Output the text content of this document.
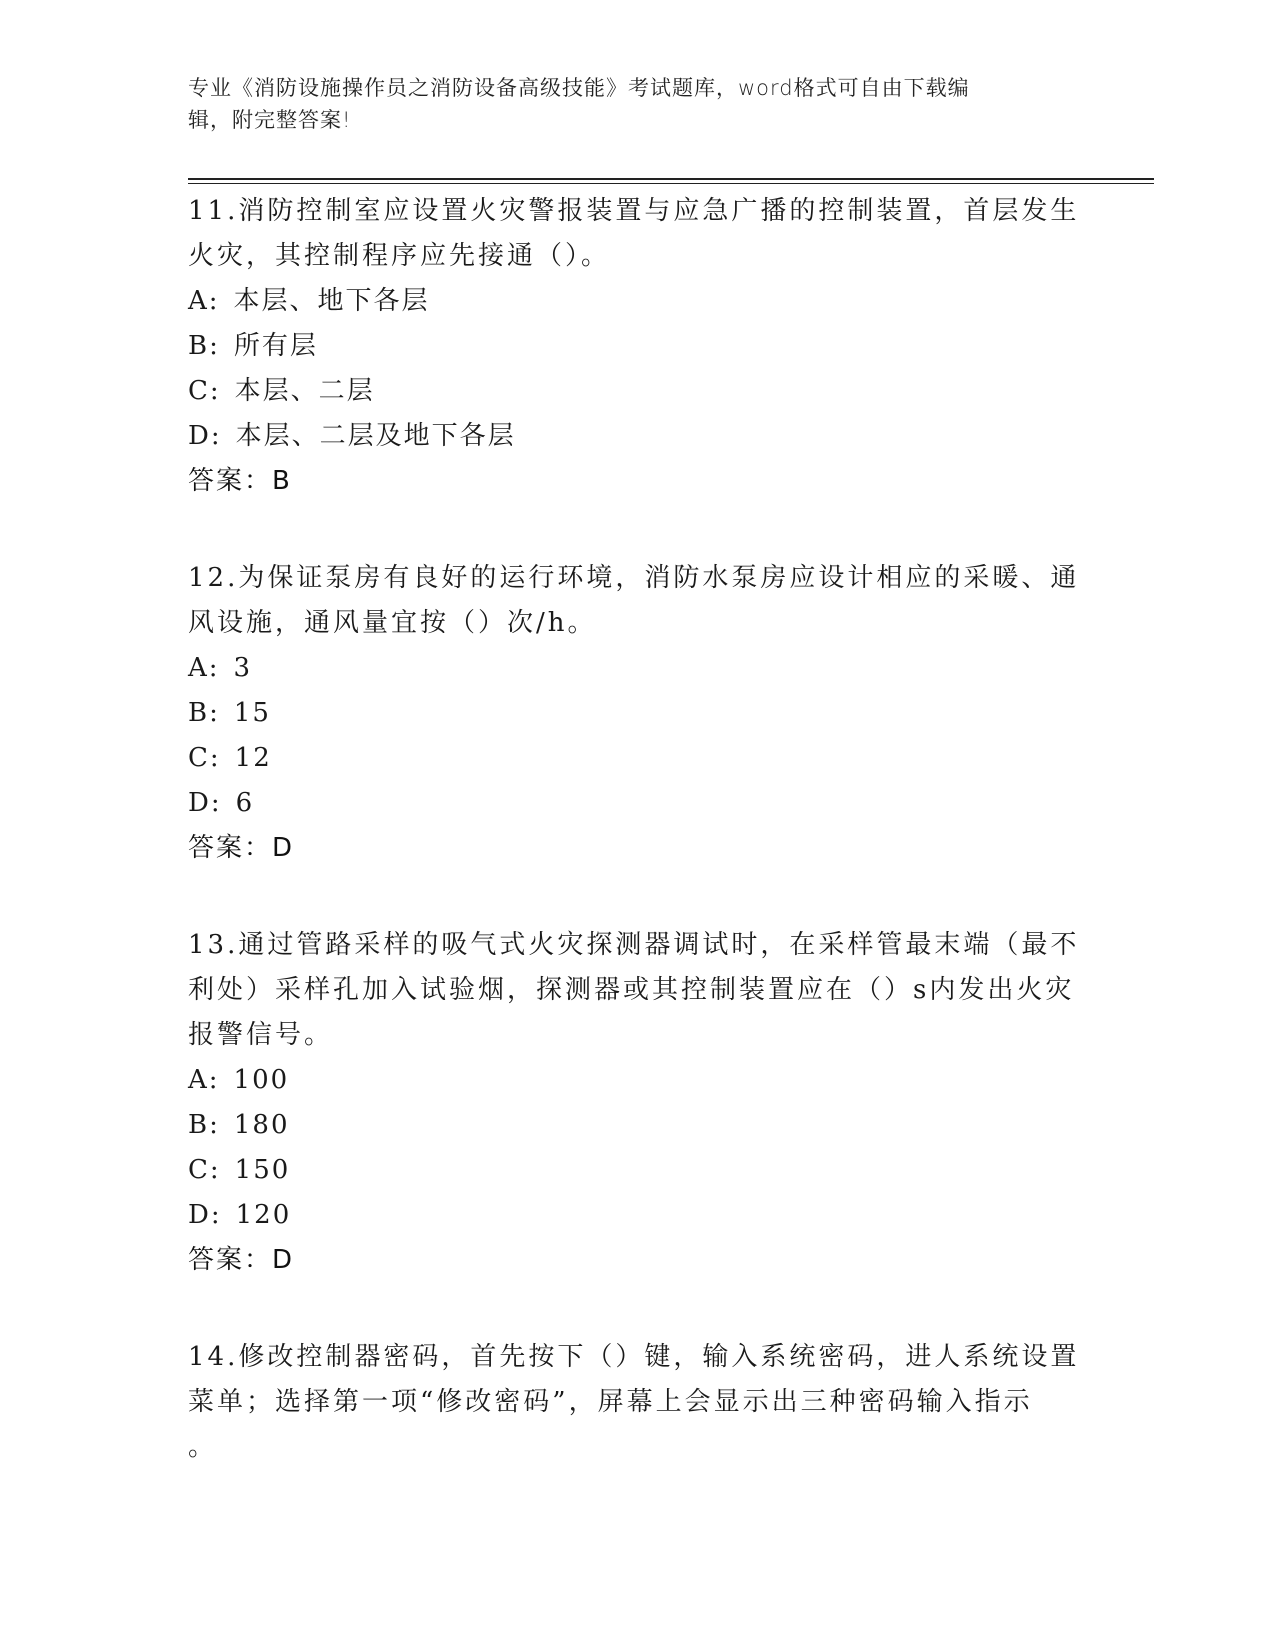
专业《消防设施操作员之消防设备高级技能》考试题库，word格式可自由下载编
辑，附完整答案!

11.消防控制室应设置火灾警报装置与应急广播的控制装置，首层发生

火灾，其控制程序应先接通（）。

A: 本层、地下各层

B: 所有层

C: 本层、二层

D: 本层、二层及地下各层

答案：B

12.为保证泵房有良好的运行环境，消防水泵房应设计相应的采暖、通

风设施，通风量宜按（）次/h。

A: 3

B: 15

C: 12

D: 6

答案：D

13.通过管路采样的吸气式火灾探测器调试时，在采样管最末端（最不

利处）采样孔加入试验烟，探测器或其控制装置应在（）s内发出火灾

报警信号。

A: 100

B: 180

C: 150

D: 120

答案：D

14.修改控制器密码，首先按下（）键，输入系统密码，进人系统设置

菜单；选择第一项“修改密码”，屏幕上会显示出三种密码输入指示

。
